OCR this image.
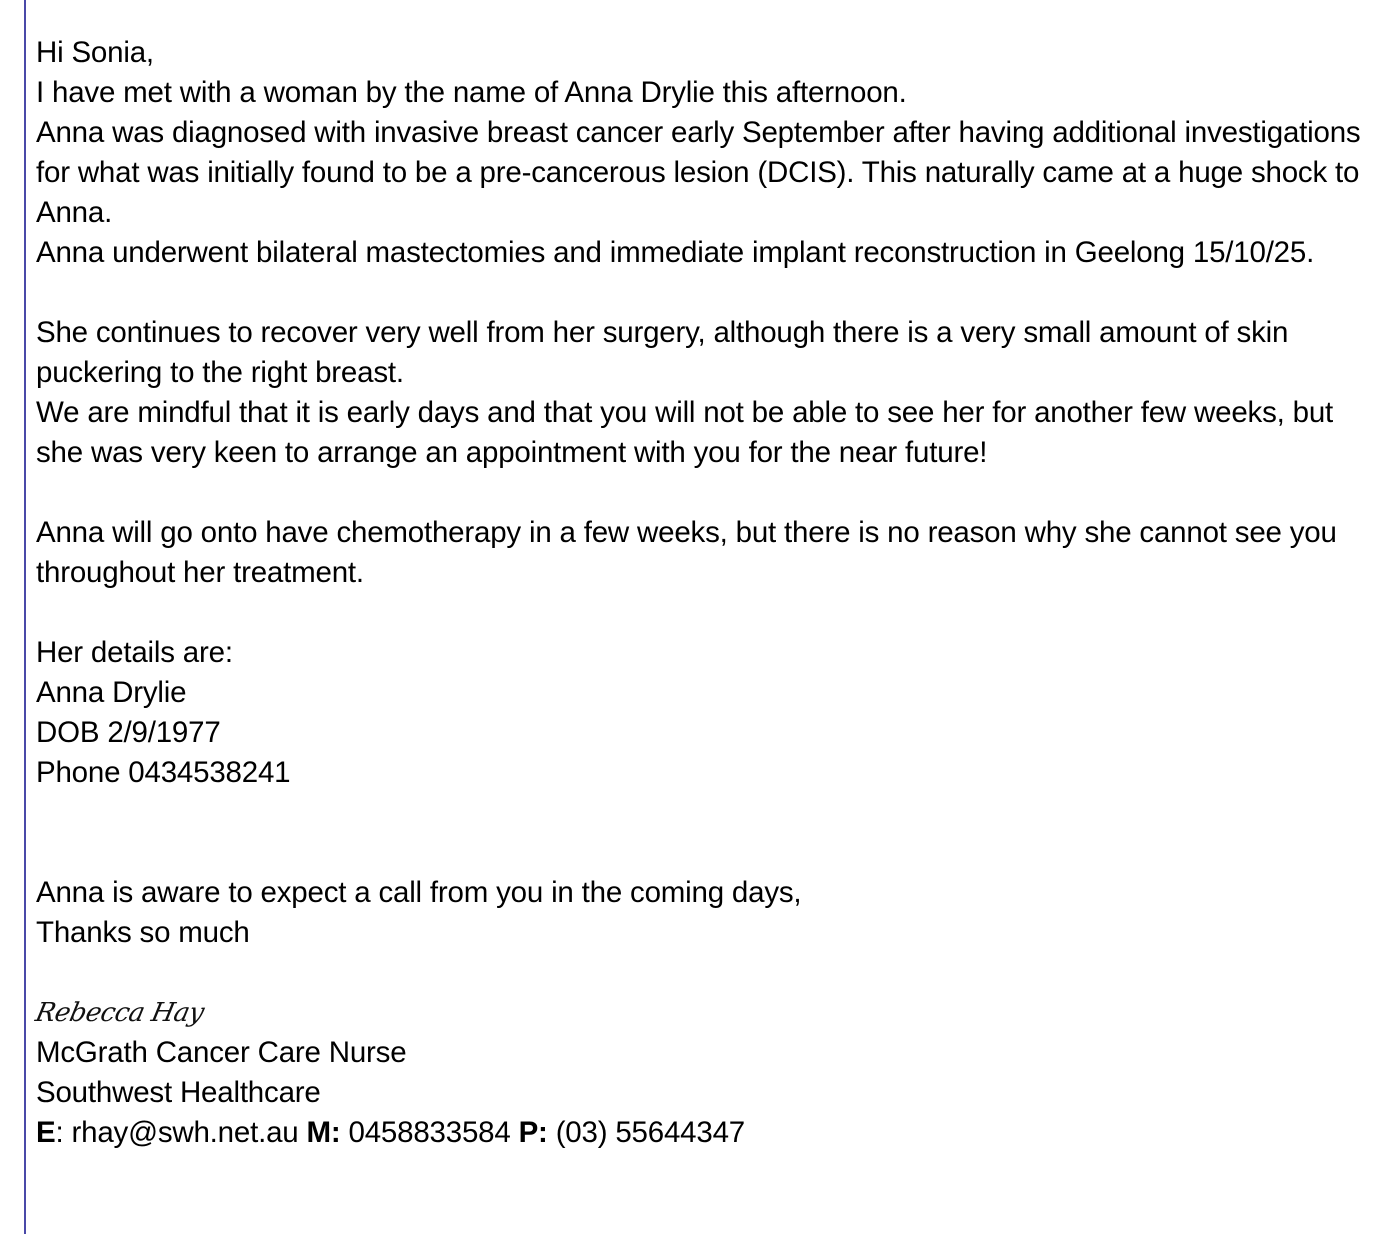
Hi Sonia,
I have met with a woman by the name of Anna Drylie this afternoon.
Anna was diagnosed with invasive breast cancer early September after having additional investigations for what was initially found to be a pre-cancerous lesion (DCIS). This naturally came at a huge shock to Anna.
Anna underwent bilateral mastectomies and immediate implant reconstruction in Geelong 15/10/25.
She continues to recover very well from her surgery, although there is a very small amount of skin puckering to the right breast.
We are mindful that it is early days and that you will not be able to see her for another few weeks, but she was very keen to arrange an appointment with you for the near future!
Anna will go onto have chemotherapy in a few weeks, but there is no reason why she cannot see you throughout her treatment.
Her details are:
Anna Drylie
DOB 2/9/1977
Phone 0434538241
Anna is aware to expect a call from you in the coming days,
Thanks so much
Rebecca Hay
McGrath Cancer Care Nurse
Southwest Healthcare
E: rhay@swh.net.au M: 0458833584 P: (03) 55644347
